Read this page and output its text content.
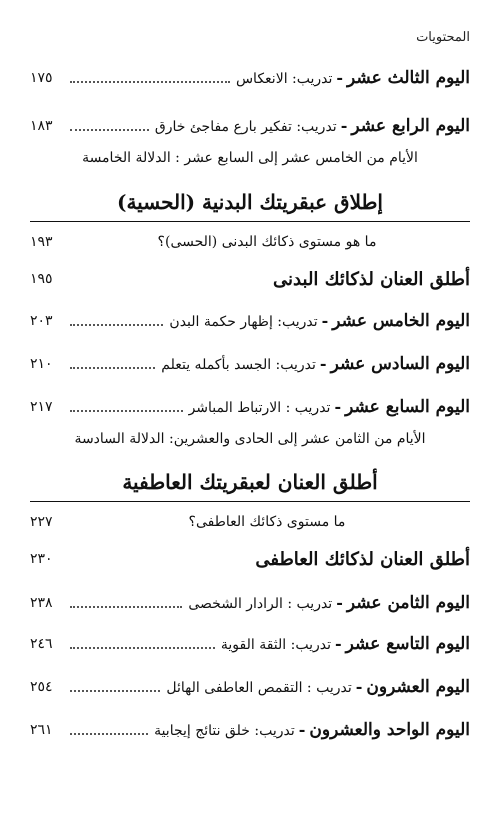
المحتويات
اليوم الثالث عشر
-
تدريب: الانعكاس
١٧٥
اليوم الرابع عشر
-
تدريب: تفكير بارع مفاجئ خارق
١٨٣
الأيام من الخامس عشر إلى السابع عشر : الدلالة الخامسة
إطلاق عبقريتك البدنية (الحسية)
ما هو مستوى ذكائك البدنى (الحسى)؟
١٩٣
أطلق العنان لذكائك البدنى
١٩٥
اليوم الخامس عشر
-
تدريب: إظهار حكمة البدن
٢٠٣
اليوم السادس عشر
-
تدريب: الجسد بأكمله يتعلم
٢١٠
اليوم السابع عشر
-
تدريب : الارتباط المباشر
٢١٧
الأيام من الثامن عشر إلى الحادى والعشرين: الدلالة السادسة
أطلق العنان لعبقريتك العاطفية
ما مستوى ذكائك العاطفى؟
٢٢٧
أطلق العنان لذكائك العاطفى
٢٣٠
اليوم الثامن عشر
-
تدريب : الرادار الشخصى
٢٣٨
اليوم التاسع عشر
-
تدريب: الثقة القوية
٢٤٦
اليوم العشرون
-
تدريب : التقمص العاطفى الهائل
٢٥٤
اليوم الواحد والعشرون
-
تدريب: خلق نتائج إيجابية
٢٦١
